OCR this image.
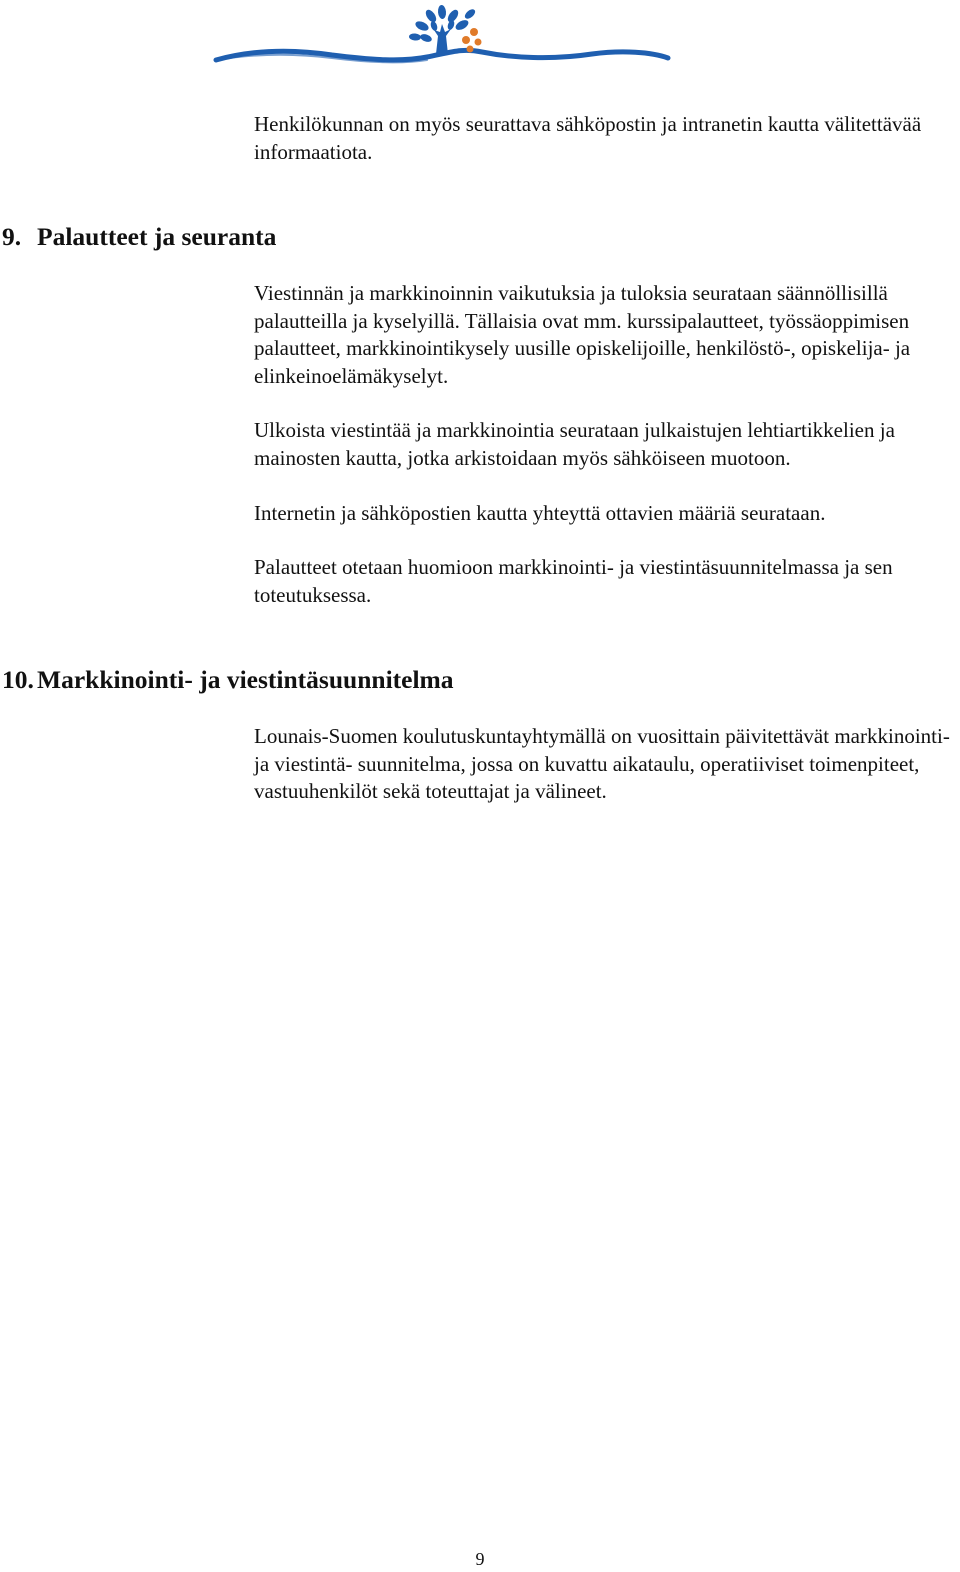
Henkilökunnan on myös seurattava sähköpostin ja intranetin kautta välitettävää informaatiota.

9. Palautteet ja seuranta

Viestinnän ja markkinoinnin vaikutuksia ja tuloksia seurataan säännöllisillä palautteilla ja kyselyillä. Tällaisia ovat mm. kurssipalautteet, työssäoppimisen palautteet, markkinointikysely uusille opiskelijoille, henkilöstö-, opiskelija- ja elinkeinoelämäkyselyt.

Ulkoista viestintää ja markkinointia seurataan julkaistujen lehtiartikkelien ja mainosten kautta, jotka arkistoidaan myös sähköiseen muotoon.

Internetin ja sähköpostien kautta yhteyttä ottavien määriä seurataan.

Palautteet otetaan huomioon markkinointi- ja viestintäsuunnitelmassa ja sen toteutuksessa.

10. Markkinointi- ja viestintäsuunnitelma

Lounais-Suomen koulutuskuntayhtymällä on vuosittain päivitettävät markkinointi- ja viestintä- suunnitelma, jossa on kuvattu aikataulu, operatiiviset toimenpiteet, vastuuhenkilöt sekä toteuttajat ja välineet.

9
